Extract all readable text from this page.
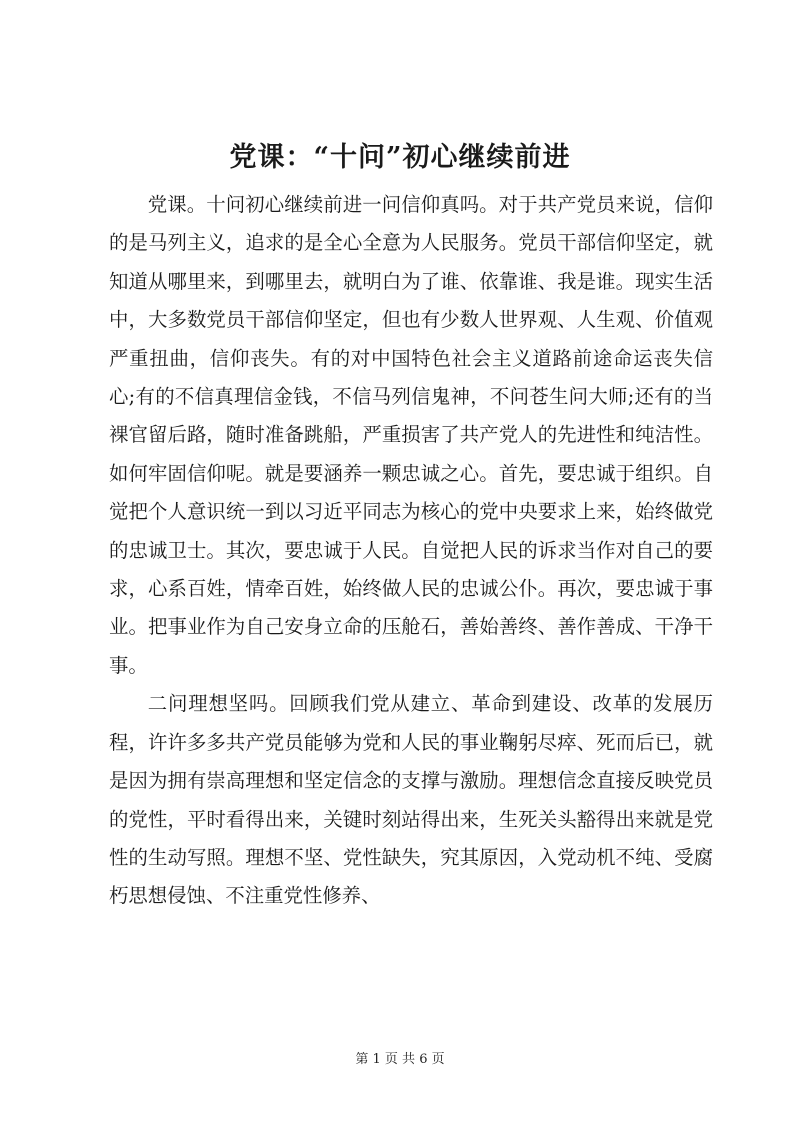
党课：“十问”初心继续前进

党课。十问初心继续前进一问信仰真吗。对于共产党员来说，信仰的是马列主义，追求的是全心全意为人民服务。党员干部信仰坚定，就知道从哪里来，到哪里去，就明白为了谁、依靠谁、我是谁。现实生活中，大多数党员干部信仰坚定，但也有少数人世界观、人生观、价值观严重扭曲，信仰丧失。有的对中国特色社会主义道路前途命运丧失信心;有的不信真理信金钱，不信马列信鬼神，不问苍生问大师;还有的当裸官留后路，随时准备跳船，严重损害了共产党人的先进性和纯洁性。如何牢固信仰呢。就是要涵养一颗忠诚之心。首先，要忠诚于组织。自觉把个人意识统一到以习近平同志为核心的党中央要求上来，始终做党的忠诚卫士。其次，要忠诚于人民。自觉把人民的诉求当作对自己的要求，心系百姓，情牵百姓，始终做人民的忠诚公仆。再次，要忠诚于事业。把事业作为自己安身立命的压舱石，善始善终、善作善成、干净干事。

二问理想坚吗。回顾我们党从建立、革命到建设、改革的发展历程，许许多多共产党员能够为党和人民的事业鞠躬尽瘁、死而后已，就是因为拥有崇高理想和坚定信念的支撑与激励。理想信念直接反映党员的党性，平时看得出来，关键时刻站得出来，生死关头豁得出来就是党性的生动写照。理想不坚、党性缺失，究其原因，入党动机不纯、受腐朽思想侵蚀、不注重党性修养、

第 1 页 共 6 页
